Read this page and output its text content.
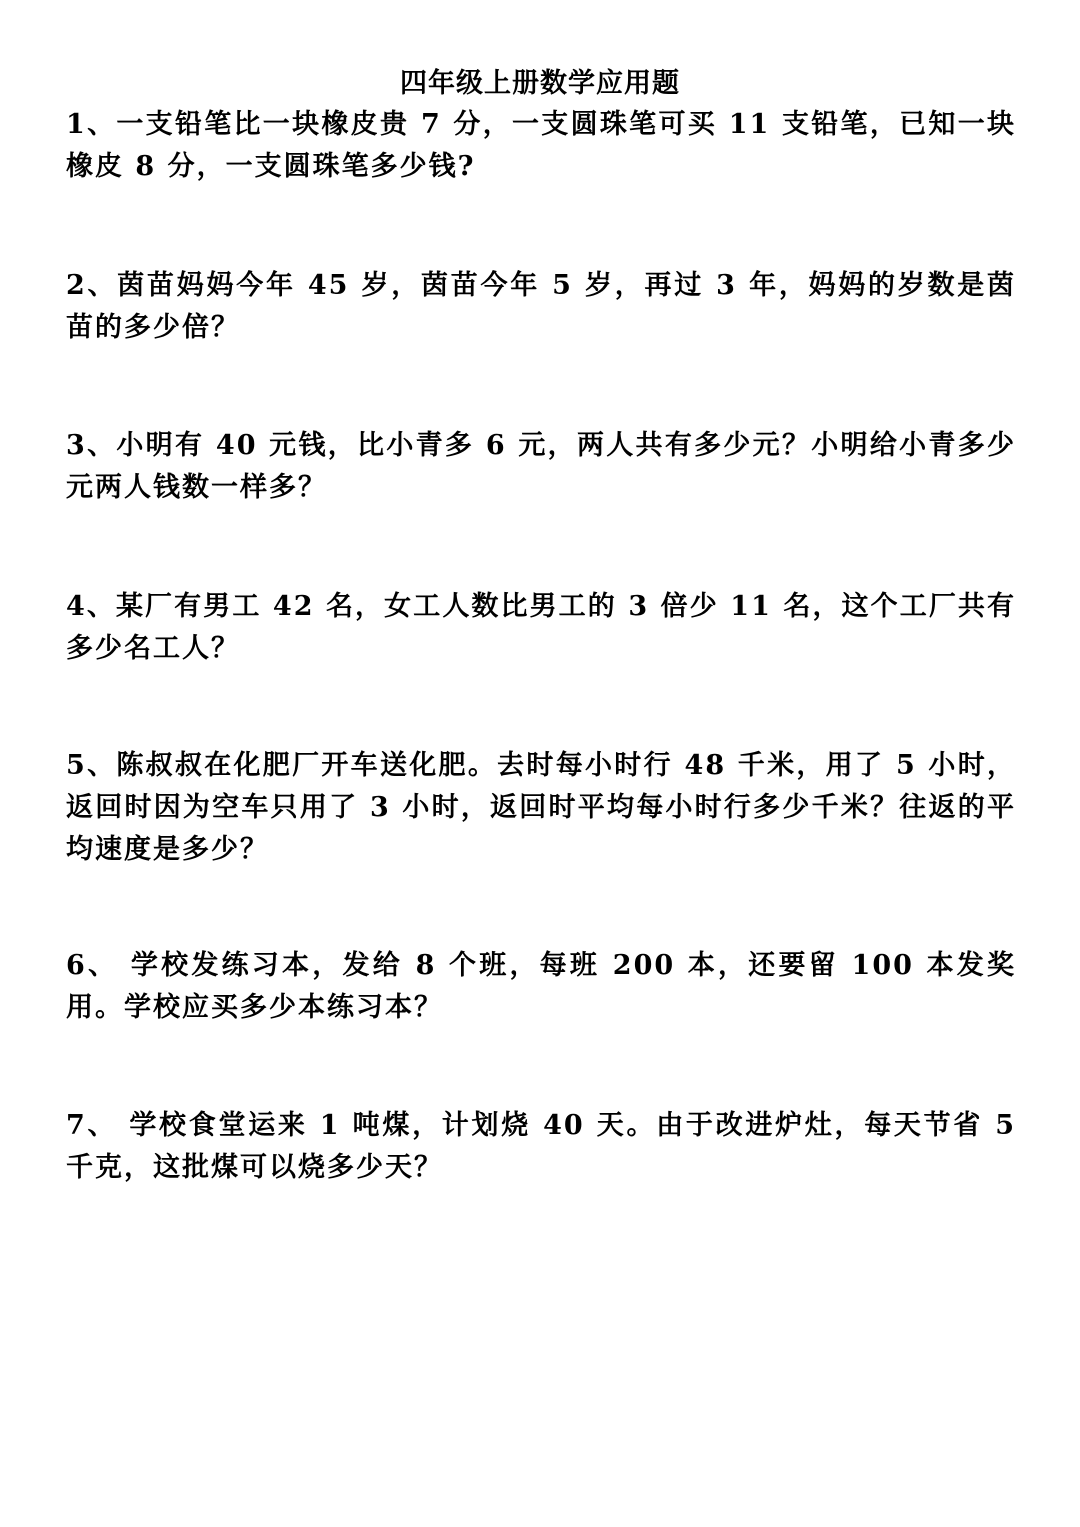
四年级上册数学应用题
1、一支铅笔比一块橡皮贵 7 分，一支圆珠笔可买 11 支铅笔，已知一块橡皮 8 分，一支圆珠笔多少钱?
2、茵苗妈妈今年 45 岁，茵苗今年 5 岁，再过 3 年，妈妈的岁数是茵苗的多少倍？
3、小明有 40 元钱，比小青多 6 元，两人共有多少元？小明给小青多少元两人钱数一样多？
4、某厂有男工 42 名，女工人数比男工的 3 倍少 11 名，这个工厂共有多少名工人？
5、陈叔叔在化肥厂开车送化肥。去时每小时行 48 千米，用了 5 小时，返回时因为空车只用了 3 小时，返回时平均每小时行多少千米？往返的平均速度是多少？
6、 学校发练习本，发给 8 个班，每班 200 本，还要留 100 本发奖用。学校应买多少本练习本？
7、 学校食堂运来 1 吨煤，计划烧 40 天。由于改进炉灶，每天节省 5 千克，这批煤可以烧多少天？
